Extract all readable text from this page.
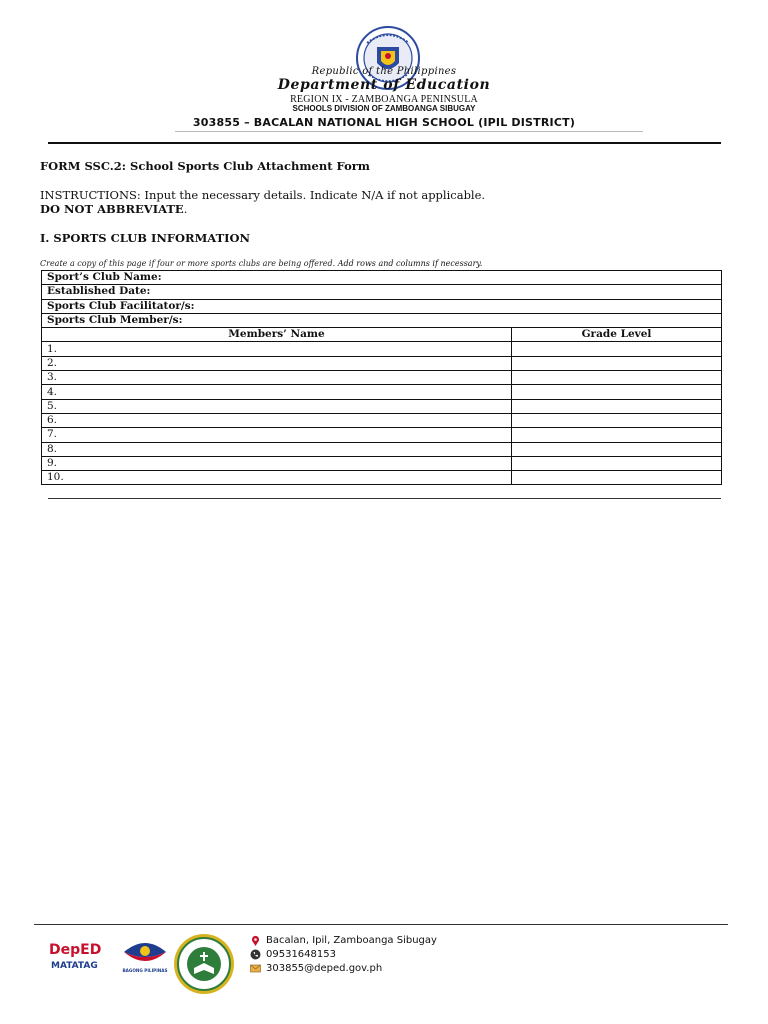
Republic of the Philippines
Department of Education
REGION IX - ZAMBOANGA PENINSULA
SCHOOLS DIVISION OF ZAMBOANGA SIBUGAY
303855 – BACALAN NATIONAL HIGH SCHOOL (IPIL DISTRICT)
FORM SSC.2: School Sports Club Attachment Form
INSTRUCTIONS: Input the necessary details. Indicate N/A if not applicable.
DO NOT ABBREVIATE.
I. SPORTS CLUB INFORMATION
Create a copy of this page if four or more sports clubs are being offered. Add rows and columns if necessary.
Sport’s Club Name:	
Established Date:	
Sports Club Facilitator/s:	
Sports Club Member/s:	
Members’ Name	Grade Level
1.	
2.	
3.	
4.	
5.	
6.	
7.	
8.	
9.	
10.	
DepED
MATATAG	BAGONG PILIPINAS
Bacalan, Ipil, Zamboanga Sibugay
09531648153
303855@deped.gov.ph
